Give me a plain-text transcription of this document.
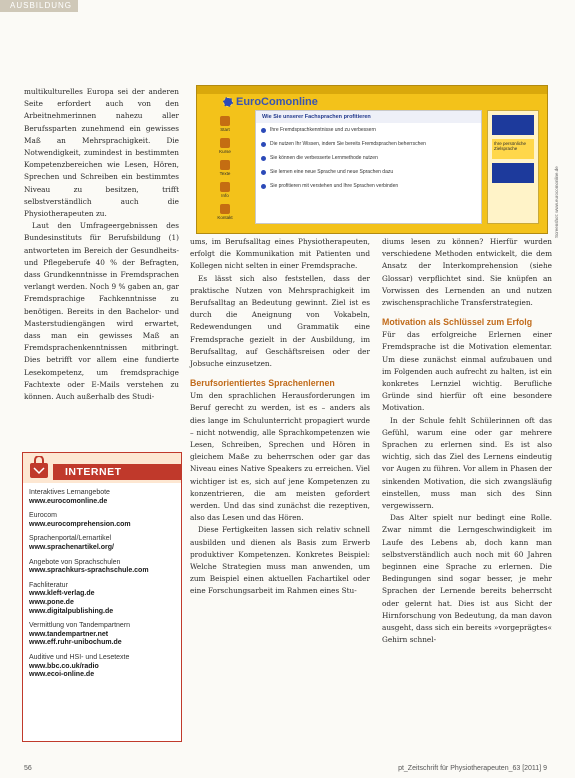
AUSBILDUNG
EuroComonline
Start
Kurse
Texte
Info
Kontakt
Wie Sie unserer Fachsprachen profitieren
Ihre Fremdsprachkenntnisse und zu verbessern
Die nutzen Ihr Wissen, indem Sie bereits Fremdsprachen beherrschen
Sie können die verbesserte Lernmethode nutzen
Sie lernen eine neue Sprache und neue Sprachen dazu
Sie profitieren mit verstehen und Ihre Sprachen verbinden
Ihre persönliche Zielsprache
Screenshot: www.eurocomonline.de

multikulturelles Europa sei der anderen Seite erfordert auch von den Arbeitnehmerinnen nahezu aller Berufssparten zunehmend ein gewisses Maß an Mehrsprachigkeit. Die Notwendigkeit, zumindest in bestimmten Kompetenzbereichen wie Lesen, Hören, Sprechen und Schreiben ein bestimmtes Niveau zu besitzen, trifft selbstverständlich auch die Physiotherapeuten zu.

Laut den Umfrageergebnissen des Bundesinstituts für Berufsbildung (1) antworteten im Bereich der Gesundheits- und Pflegeberufe 40 % der Befragten, dass Grundkenntnisse in Fremdsprachen verlangt werden. Noch 9 % gaben an, gar Fremdsprachige Fachkenntnisse zu benötigen. Bereits in den Bachelor- und Masterstudiengängen wird erwartet, dass man ein gewisses Maß an Fremdsprachenkenntnissen mitbringt. Dies betrifft vor allem eine fundierte Lesekompetenz, um fremdsprachige Fachtexte oder E-Mails verstehen zu können. Auch außerhalb des Studi-

ums, im Berufsalltag eines Physiotherapeuten, erfolgt die Kommunikation mit Patienten und Kollegen nicht selten in einer Fremdsprache.

Es lässt sich also feststellen, dass der praktische Nutzen von Mehrsprachigkeit im Berufsalltag an Bedeutung gewinnt. Ziel ist es durch die Aneignung von Vokabeln, Redewendungen und Grammatik eine Fremdsprache gezielt in der Ausbildung, im Berufsalltag, auf Geschäftsreisen oder der Jobsuche einzusetzen.

Berufsorientiertes Sprachenlernen

Um den sprachlichen Herausforderungen im Beruf gerecht zu werden, ist es – anders als dies lange im Schulunterricht propagiert wurde – nicht notwendig, alle Sprachkompetenzen wie Lesen, Schreiben, Sprechen und Hören in gleichem Maße zu beherrschen oder gar das Niveau eines Native Speakers zu erreichen. Viel wichtiger ist es, sich auf jene Kompetenzen zu konzentrieren, die am meisten gefordert werden. Und das sind zunächst die rezeptiven, also das Lesen und das Hören.

Diese Fertigkeiten lassen sich relativ schnell ausbilden und dienen als Basis zum Erwerb produktiver Kompetenzen. Konkretes Beispiel: Welche Strategien muss man anwenden, um zum Beispiel einen aktuellen Fachartikel oder eine Forschungsarbeit im Rahmen eines Stu-

diums lesen zu können? Hierfür wurden verschiedene Methoden entwickelt, die dem Ansatz der Interkomprehension (siehe Glossar) verpflichtet sind. Sie knüpfen an Vorwissen des Lernenden an und nutzen zwischensprachliche Transferstrategien.

Motivation als Schlüssel zum Erfolg

Für das erfolgreiche Erlernen einer Fremdsprache ist die Motivation elementar. Um diese zunächst einmal aufzubauen und im Folgenden auch aufrecht zu halten, ist ein konkretes Lernziel wichtig. Berufliche Gründe sind hierfür oft eine besondere Motivation.

In der Schule fehlt Schülerinnen oft das Gefühl, warum eine oder gar mehrere Sprachen zu erlernen sind. Es ist also wichtig, sich das Ziel des Lernens eindeutig vor Augen zu führen. Vor allem in Phasen der sinkenden Motivation, die sich zwangsläufig einstellen, muss man sich des Sinn vergewissern.

Das Alter spielt nur bedingt eine Rolle. Zwar nimmt die Lerngeschwindigkeit im Laufe des Lebens ab, doch kann man selbstverständlich auch noch mit 60 Jahren beginnen eine Sprache zu erlernen. Die Bedingungen sind sogar besser, je mehr Sprachen der Lernende bereits beherrscht oder gelernt hat. Dies ist aus Sicht der Hirnforschung von Bedeutung, da man davon ausgeht, dass sich ein bereits »vorgeprägtes« Gehirn schnel-

INTERNET
Interaktives Lernangebote
www.eurocomonline.de
Eurocom
www.eurocomprehension.com
Sprachenportal/Lernartikel
www.sprachenartikel.org/
Angebote von Sprachschulen
www.sprachkurs-sprachschule.com
Fachliteratur
www.kleft-verlag.de
www.pone.de
www.digitalpublishing.de
Vermittlung von Tandempartnern
www.tandempartner.net
www.eff.ruhr-unibochum.de
Auditive und HSI- und Lesetexte
www.bbc.co.uk/radio
www.ecoi-online.de
56	pt_Zeitschrift für Physiotherapeuten_63 [2011] 9
